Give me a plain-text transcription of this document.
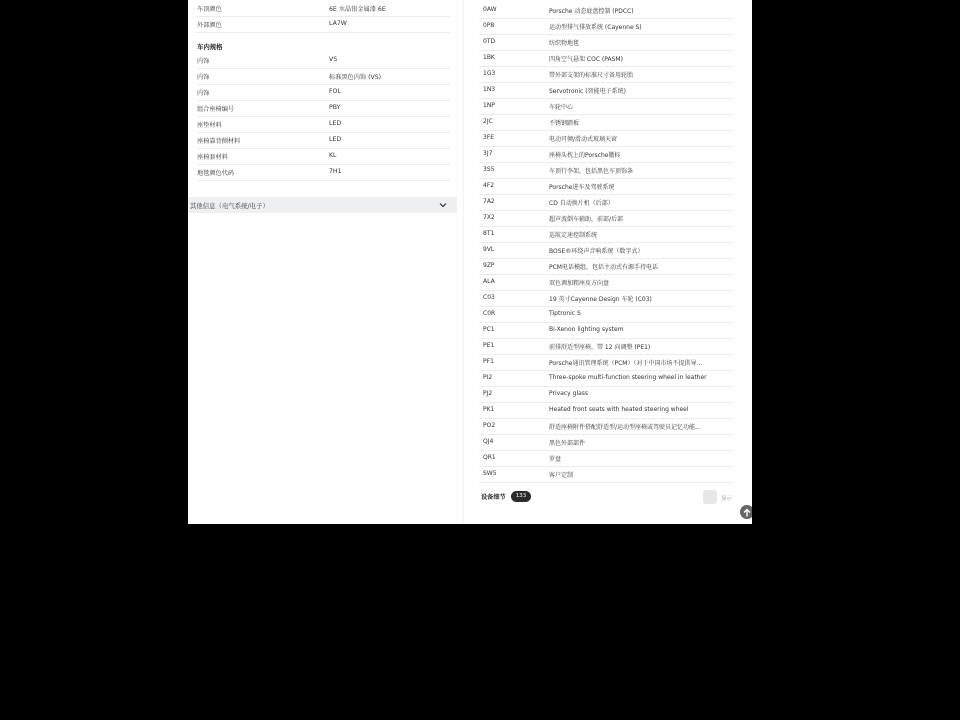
车顶颜色	6E 水晶银金属漆 6E
外部颜色	LA7W
车内规格
内饰	VS
内饰	标准黑色内饰 (VS)
内饰	FOL
组合座椅编号	PBY
座垫材料	LED
座椅靠背侧材料	LED
座椅套材料	KL
地毯颜色代码	7H1
其他信息（电气系统/电子）
0AW	Porsche 动态底盘控制 (PDCC)
0P8	运动型排气排放系统 (Cayenne S)
0TD	纺织物地毯
1BK	四角空气悬架 COC (PASM)
1G3	带外部支架的标准尺寸备用轮胎
1N3	Servotronic (智能电子系统)
1NP	车轮中心
2JC	不锈钢踏板
3FE	电动可倾/滑动式玻璃天窗
3J7	座椅头枕上的Porsche徽标
3S5	车顶行李架，包括黑色车顶饰条
4F2	Porsche进车及驾驶系统
7A2	CD 自动换片机（后部）
7X2	超声波倒车辅助，前部/后部
8T1	巡航定速控制系统
9VL	BOSE®环绕声音响系统（数字式）
9ZP	PCM电话模组，包括主动式有源手持电话
ALA	双色调加粗座皮方向盘
C03	19 英寸Cayenne Design 车轮 (C03)
C0R	Tiptronic S
PC1	Bi-Xenon lighting system
PE1	前排舒适型座椅，带 12 向调整 (PE1)
PF1	Porsche通讯管理系统（PCM）（对于中国市场不提供导...
PI2	Three-spoke multi-function steering wheel in leather
PJ2	Privacy glass
PK1	Heated front seats with heated steering wheel
PO2	舒适座椅附件搭配舒适型/运动型座椅或驾驶员记忆功能...
QJ4	黑色外部部件
QR1	罗盘
SW5	客户定制
设备细节	133	显示
